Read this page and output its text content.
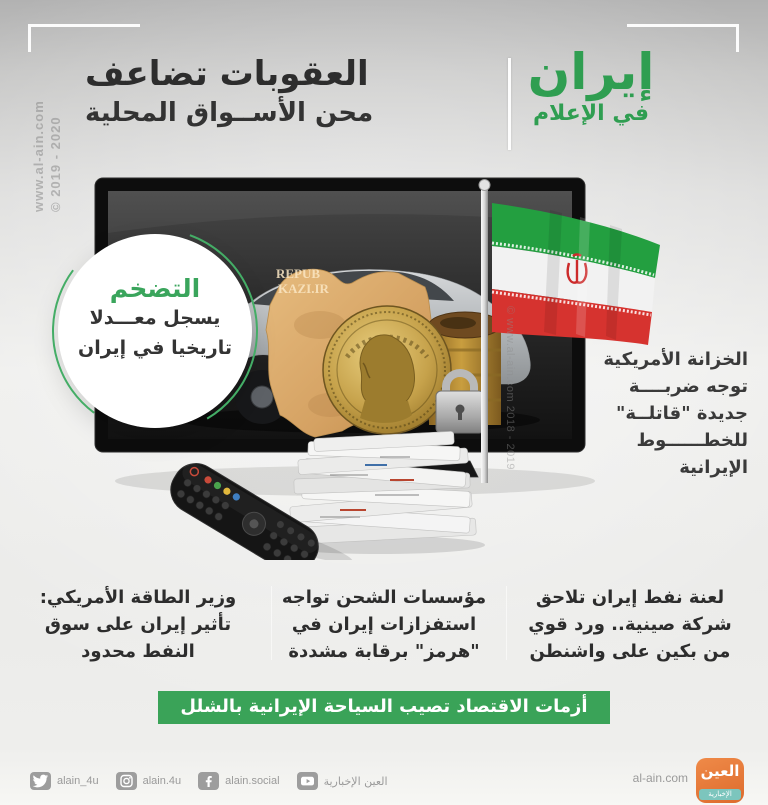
www.al-ain.com © 2019 - 2020
إيران
في الإعلام
العقوبات تضاعف
محن الأســواق المحلية
REPUB
KAZI.IR
© www.al-ain.com 2018 - 2019
التضخم
يسجل معـــدلا
تاريخيا في إيران
الخزانة الأمريكية
توجه ضربــــة
جديدة "قاتلــة"
للخطــــــوط
الإيرانية
لعنة نفط إيران تلاحق شركة صينية.. ورد قوي من بكين على واشنطن
مؤسسات الشحن تواجه استفزازات إيران في "هرمز" برقابة مشددة
وزير الطاقة الأمريكي: تأثير إيران على سوق النفط محدود
أزمات الاقتصاد تصيب السياحة الإيرانية بالشلل
alain_4u	alain.4u	alain.social	العين الإخبارية	al-ain.com العين
الإخبارية
